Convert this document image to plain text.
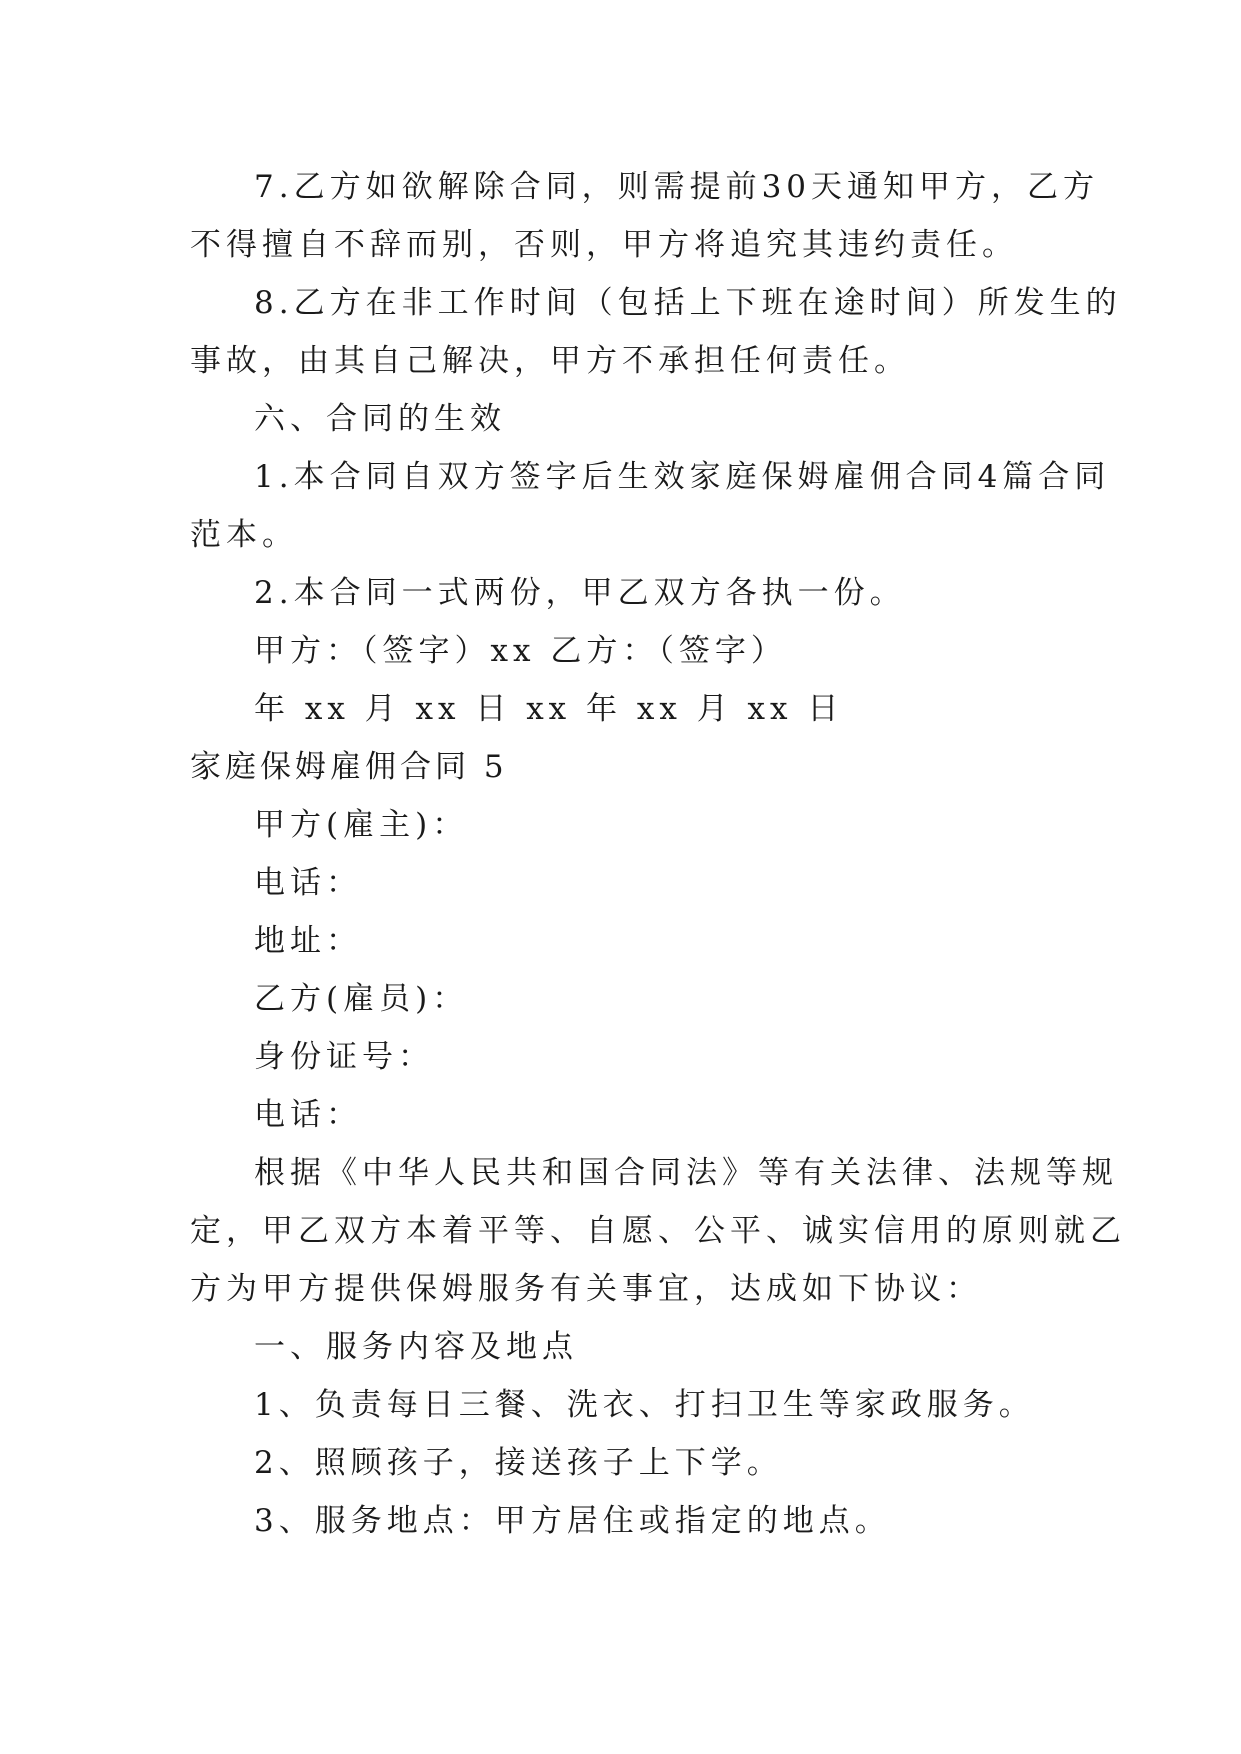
7.乙方如欲解除合同，则需提前30天通知甲方，乙方
不得擅自不辞而别，否则，甲方将追究其违约责任。
8.乙方在非工作时间（包括上下班在途时间）所发生的
事故，由其自己解决，甲方不承担任何责任。
六、合同的生效
1.本合同自双方签字后生效家庭保姆雇佣合同4篇合同
范本。
2.本合同一式两份，甲乙双方各执一份。
甲方：（签字）xx 乙方：（签字）
年 xx 月 xx 日 xx 年 xx 月 xx 日
家庭保姆雇佣合同 5
甲方(雇主)：
电话：
地址：
乙方(雇员)：
身份证号：
电话：
根据《中华人民共和国合同法》等有关法律、法规等规
定，甲乙双方本着平等、自愿、公平、诚实信用的原则就乙
方为甲方提供保姆服务有关事宜，达成如下协议：
一、服务内容及地点
1、负责每日三餐、洗衣、打扫卫生等家政服务。
2、照顾孩子，接送孩子上下学。
3、服务地点：甲方居住或指定的地点。
